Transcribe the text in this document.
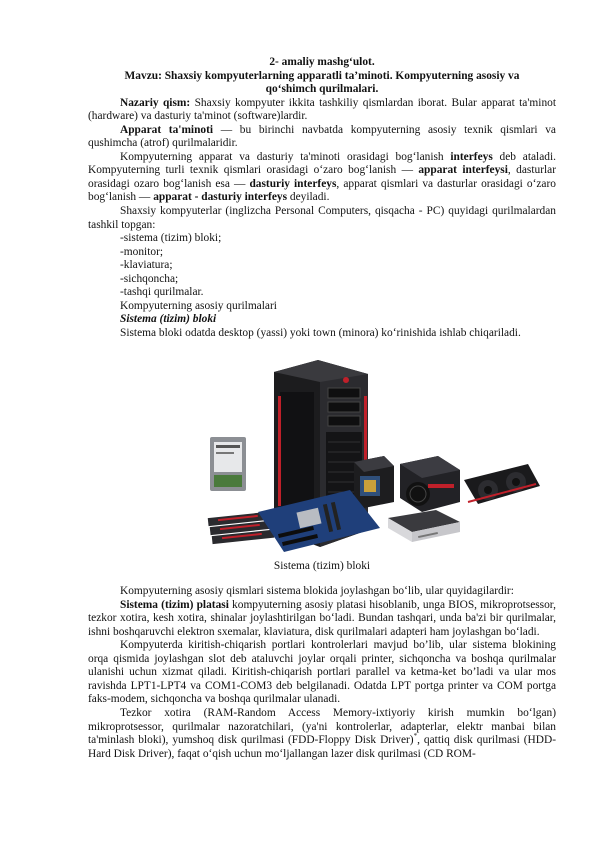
2- amaliy mashg‘ulot.
Mavzu: Shaxsiy kompyuterlarning apparatli ta’minoti. Kompyuterning asosiy va
qo‘shimch qurilmalari.

Nazariy qism: Shaxsiy kompyuter ikkita tashkiliy qismlardan iborat. Bular apparat ta'minot (hardware) va dasturiy ta'minot (software)lardir.

Apparat ta'minoti — bu birinchi navbatda kompyuterning asosiy texnik qismlari va qushimcha (atrof) qurilmalaridir.

Kompyuterning apparat va dasturiy ta'minoti orasidagi bog‘lanish interfeys deb ataladi. Kompyuterning turli texnik qismlari orasidagi o‘zaro bog‘lanish — apparat interfeysi, dasturlar orasidagi ozaro bog‘lanish esa — dasturiy interfeys, apparat qismlari va dasturlar orasidagi o‘zaro bog‘lanish — apparat - dasturiy interfeys deyiladi.

Shaxsiy kompyuterlar (inglizcha Personal Computers, qisqacha - PC) quyidagi qurilmalardan tashkil topgan:

-sistema (tizim) bloki;
-monitor;
-klaviatura;
-sichqoncha;
-tashqi qurilmalar.
Kompyuterning asosiy qurilmalari
Sistema (tizim) bloki
Sistema bloki odatda desktop (yassi) yoki town (minora) ko‘rinishida ishlab chiqariladi.
Sistema (tizim) bloki

Kompyuterning asosiy qismlari sistema blokida joylashgan bo‘lib, ular quyidagilardir:

Sistema (tizim) platasi kompyuterning asosiy platasi hisoblanib, unga BIOS, mikroprotsessor, tezkor xotira, kesh xotira, shinalar joylashtirilgan bo‘ladi. Bundan tashqari, unda ba'zi bir qurilmalar, ishni boshqaruvchi elektron sxemalar, klaviatura, disk qurilmalari adapteri ham joylashgan bo‘ladi.

Kompyuterda kiritish-chiqarish portlari kontrolerlari mavjud bo’lib, ular sistema blokining orqa qismida joylashgan slot deb ataluvchi joylar orqali printer, sichqoncha va boshqa qurilmalar ulanishi uchun xizmat qiladi. Kiritish-chiqarish portlari parallel va ketma-ket bo’ladi va ular mos ravishda LPT1-LPT4 va COM1-COM3 deb belgilanadi. Odatda LPT portga printer va COM portga faks-modem, sichqoncha va boshqa qurilmalar ulanadi.

Tezkor xotira (RAM-Random Access Memory-ixtiyoriy kirish mumkin bo‘lgan) mikroprotsessor, qurilmalar nazoratchilari, (ya'ni kontrolerlar, adapterlar, elektr manbai bilan ta'minlash bloki), yumshoq disk qurilmasi (FDD-Floppy Disk Driver)*, qattiq disk qurilmasi (HDD-Hard Disk Driver), faqat o‘qish uchun mo‘ljallangan lazer disk qurilmasi (CD ROM-
